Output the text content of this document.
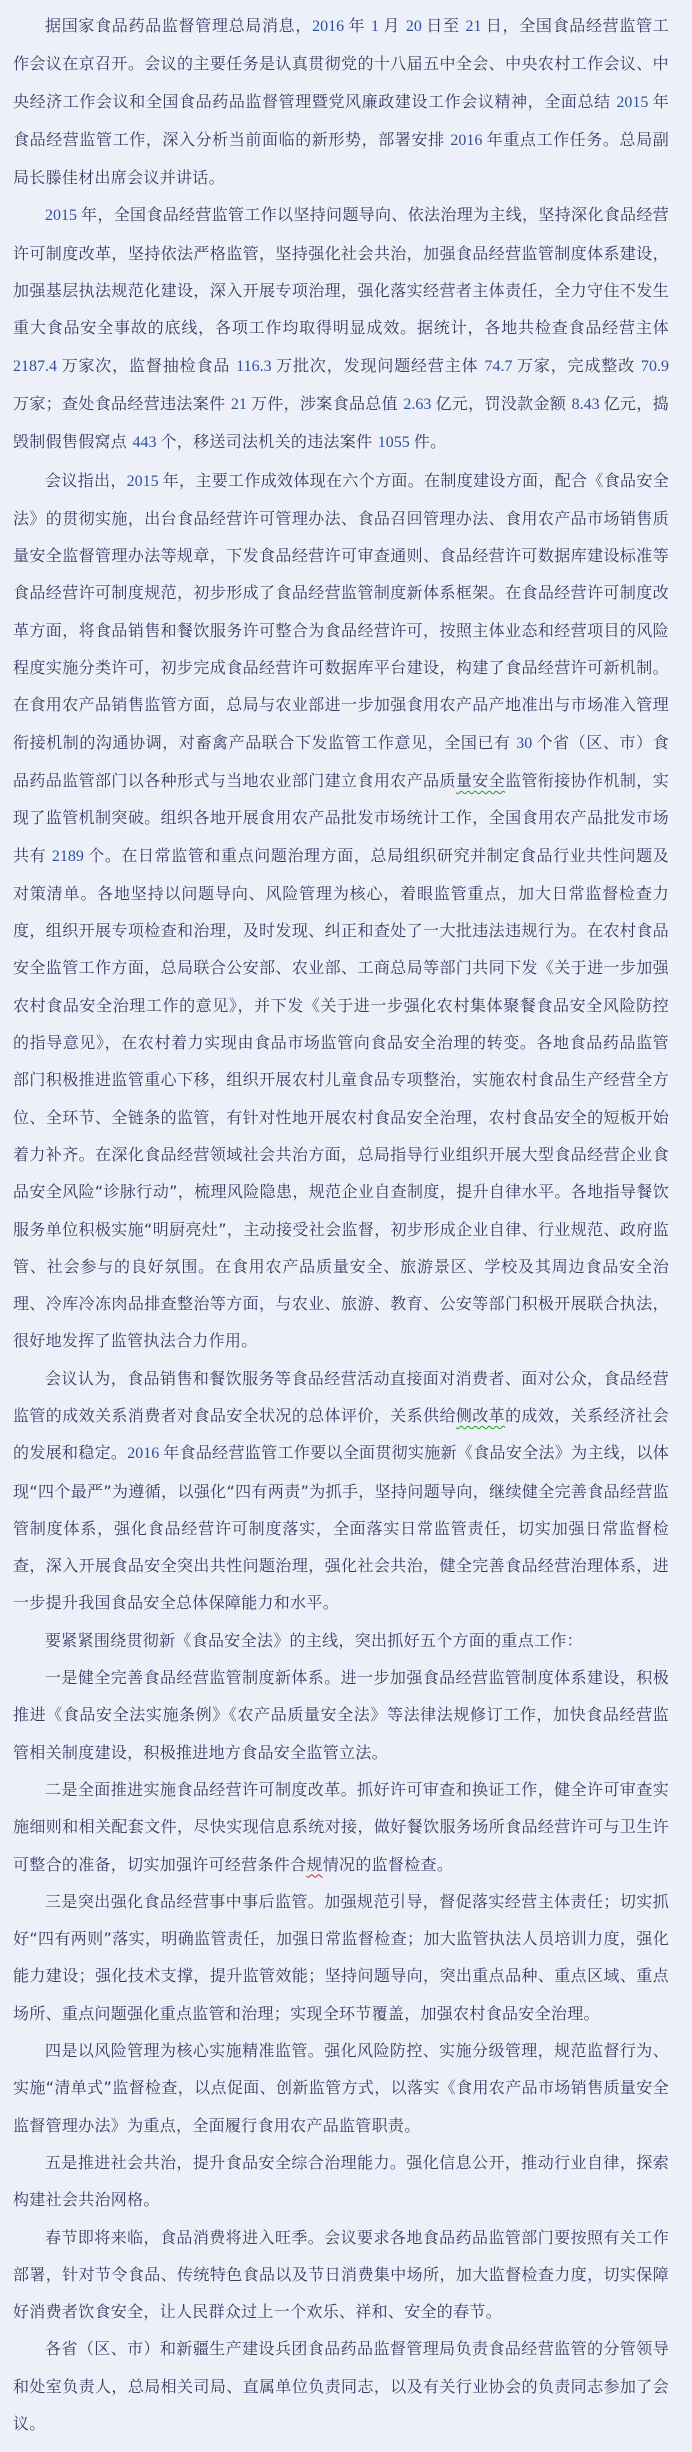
据国家食品药品监督管理总局消息，2016 年 1 月 20 日至 21 日，全国食品经营监管工作会议在京召开。会议的主要任务是认真贯彻党的十八届五中全会、中央农村工作会议、中央经济工作会议和全国食品药品监督管理暨党风廉政建设工作会议精神，全面总结 2015 年食品经营监管工作，深入分析当前面临的新形势，部署安排 2016 年重点工作任务。总局副局长滕佳材出席会议并讲话。

2015 年，全国食品经营监管工作以坚持问题导向、依法治理为主线，坚持深化食品经营许可制度改革，坚持依法严格监管，坚持强化社会共治，加强食品经营监管制度体系建设，加强基层执法规范化建设，深入开展专项治理，强化落实经营者主体责任，全力守住不发生重大食品安全事故的底线，各项工作均取得明显成效。据统计，各地共检查食品经营主体 2187.4 万家次，监督抽检食品 116.3 万批次，发现问题经营主体 74.7 万家，完成整改 70.9 万家；查处食品经营违法案件 21 万件，涉案食品总值 2.63 亿元，罚没款金额 8.43 亿元，捣毁制假售假窝点 443 个，移送司法机关的违法案件 1055 件。

会议指出，2015 年，主要工作成效体现在六个方面。在制度建设方面，配合《食品安全法》的贯彻实施，出台食品经营许可管理办法、食品召回管理办法、食用农产品市场销售质量安全监督管理办法等规章，下发食品经营许可审查通则、食品经营许可数据库建设标准等食品经营许可制度规范，初步形成了食品经营监管制度新体系框架。在食品经营许可制度改革方面，将食品销售和餐饮服务许可整合为食品经营许可，按照主体业态和经营项目的风险程度实施分类许可，初步完成食品经营许可数据库平台建设，构建了食品经营许可新机制。在食用农产品销售监管方面，总局与农业部进一步加强食用农产品产地准出与市场准入管理衔接机制的沟通协调，对畜禽产品联合下发监管工作意见，全国已有 30 个省（区、市）食品药品监管部门以各种形式与当地农业部门建立食用农产品质量安全监管衔接协作机制，实现了监管机制突破。组织各地开展食用农产品批发市场统计工作，全国食用农产品批发市场共有 2189 个。在日常监管和重点问题治理方面，总局组织研究并制定食品行业共性问题及对策清单。各地坚持以问题导向、风险管理为核心，着眼监管重点，加大日常监督检查力度，组织开展专项检查和治理，及时发现、纠正和查处了一大批违法违规行为。在农村食品安全监管工作方面，总局联合公安部、农业部、工商总局等部门共同下发《关于进一步加强农村食品安全治理工作的意见》，并下发《关于进一步强化农村集体聚餐食品安全风险防控的指导意见》，在农村着力实现由食品市场监管向食品安全治理的转变。各地食品药品监管部门积极推进监管重心下移，组织开展农村儿童食品专项整治，实施农村食品生产经营全方位、全环节、全链条的监管，有针对性地开展农村食品安全治理，农村食品安全的短板开始着力补齐。在深化食品经营领域社会共治方面，总局指导行业组织开展大型食品经营企业食品安全风险“诊脉行动”，梳理风险隐患，规范企业自查制度，提升自律水平。各地指导餐饮服务单位积极实施“明厨亮灶”，主动接受社会监督，初步形成企业自律、行业规范、政府监管、社会参与的良好氛围。在食用农产品质量安全、旅游景区、学校及其周边食品安全治理、冷库冷冻肉品排查整治等方面，与农业、旅游、教育、公安等部门积极开展联合执法，很好地发挥了监管执法合力作用。

会议认为，食品销售和餐饮服务等食品经营活动直接面对消费者、面对公众，食品经营监管的成效关系消费者对食品安全状况的总体评价，关系供给侧改革的成效，关系经济社会的发展和稳定。2016 年食品经营监管工作要以全面贯彻实施新《食品安全法》为主线，以体现“四个最严”为遵循，以强化“四有两责”为抓手，坚持问题导向，继续健全完善食品经营监管制度体系，强化食品经营许可制度落实，全面落实日常监管责任，切实加强日常监督检查，深入开展食品安全突出共性问题治理，强化社会共治，健全完善食品经营治理体系，进一步提升我国食品安全总体保障能力和水平。

要紧紧围绕贯彻新《食品安全法》的主线，突出抓好五个方面的重点工作：

一是健全完善食品经营监管制度新体系。进一步加强食品经营监管制度体系建设，积极推进《食品安全法实施条例》《农产品质量安全法》等法律法规修订工作，加快食品经营监管相关制度建设，积极推进地方食品安全监管立法。

二是全面推进实施食品经营许可制度改革。抓好许可审查和换证工作，健全许可审查实施细则和相关配套文件，尽快实现信息系统对接，做好餐饮服务场所食品经营许可与卫生许可整合的准备，切实加强许可经营条件合规情况的监督检查。

三是突出强化食品经营事中事后监管。加强规范引导，督促落实经营主体责任；切实抓好“四有两则”落实，明确监管责任，加强日常监督检查；加大监管执法人员培训力度，强化能力建设；强化技术支撑，提升监管效能；坚持问题导向，突出重点品种、重点区域、重点场所、重点问题强化重点监管和治理；实现全环节覆盖，加强农村食品安全治理。

四是以风险管理为核心实施精准监管。强化风险防控、实施分级管理，规范监督行为、实施“清单式”监督检查，以点促面、创新监管方式，以落实《食用农产品市场销售质量安全监督管理办法》为重点，全面履行食用农产品监管职责。

五是推进社会共治，提升食品安全综合治理能力。强化信息公开，推动行业自律，探索构建社会共治网格。

春节即将来临，食品消费将进入旺季。会议要求各地食品药品监管部门要按照有关工作部署，针对节令食品、传统特色食品以及节日消费集中场所，加大监督检查力度，切实保障好消费者饮食安全，让人民群众过上一个欢乐、祥和、安全的春节。

各省（区、市）和新疆生产建设兵团食品药品监督管理局负责食品经营监管的分管领导和处室负责人，总局相关司局、直属单位负责同志，以及有关行业协会的负责同志参加了会议。
